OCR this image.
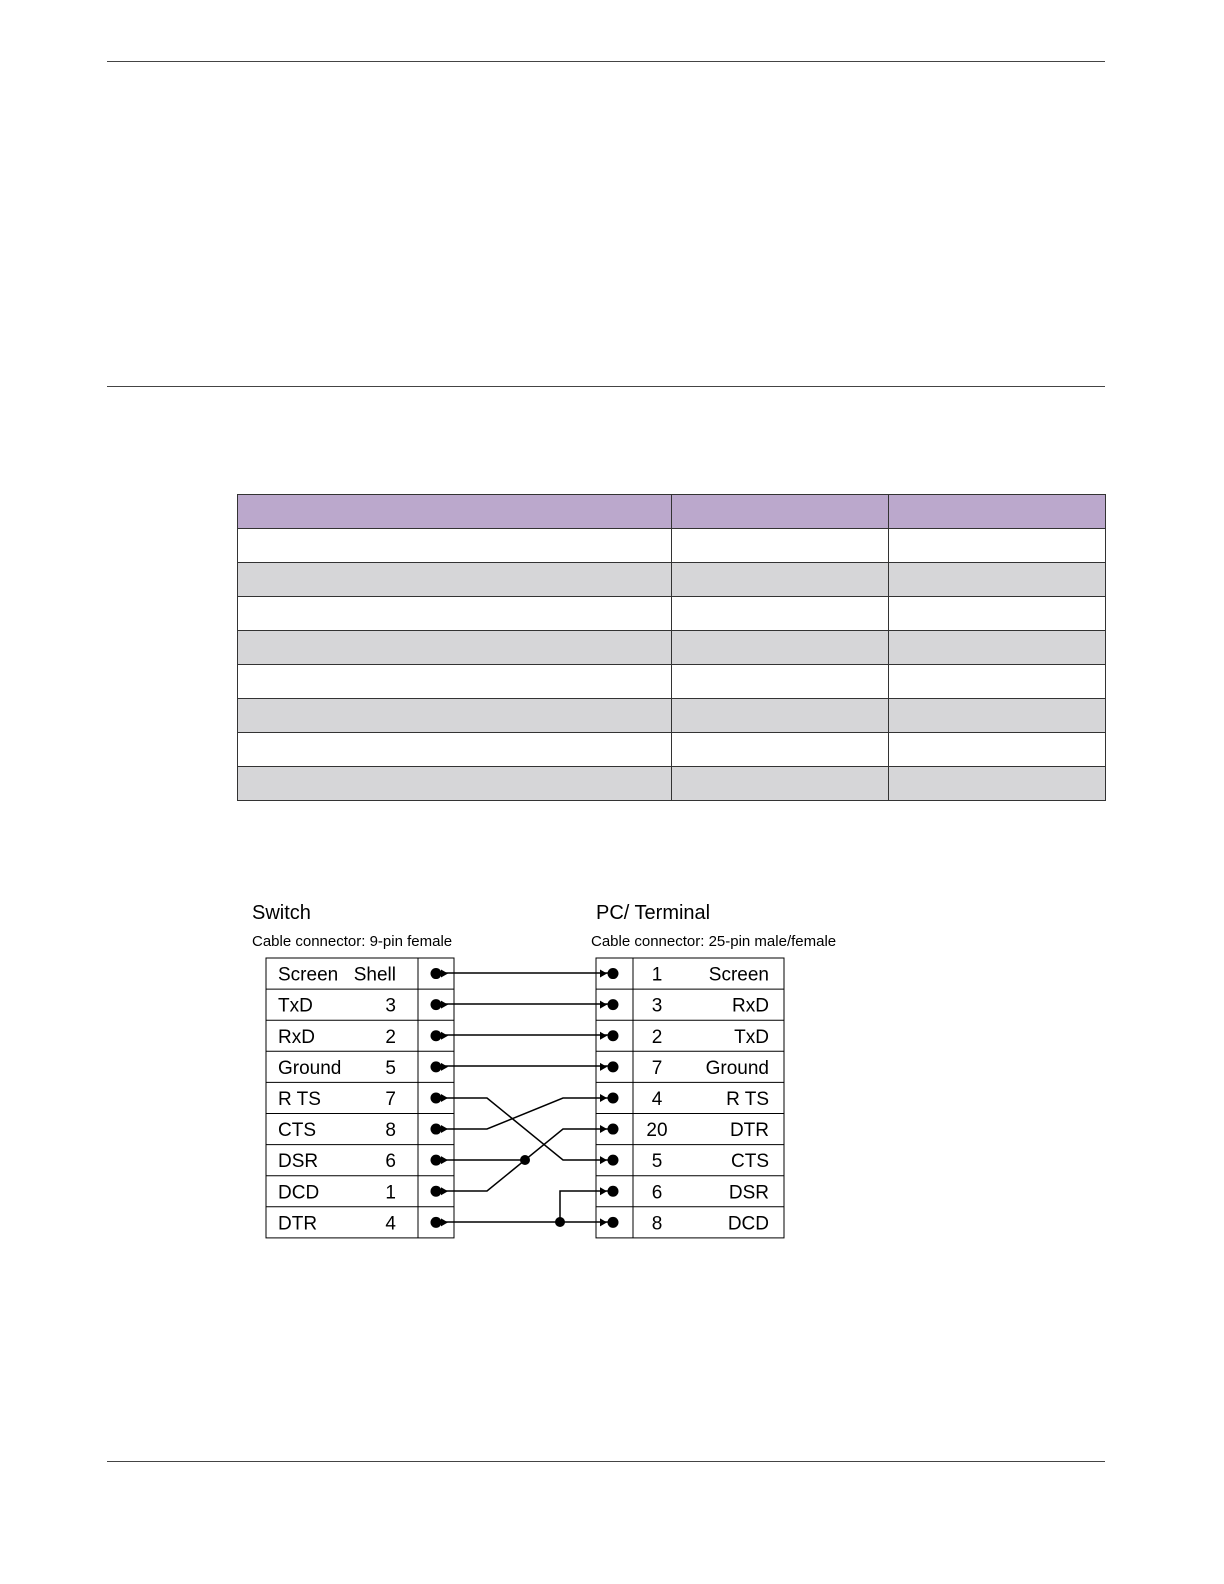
Switch
Cable connector: 9-pin female
PC/ Terminal
Cable connector: 25-pin male/female
Screen Shell
TxD	3
RxD	2
Ground 5
R TS	7
CTS	8
DSR	6
DCD	1
DTR	4
1 Screen
3	RxD
2	TxD
7 Ground
4	R TS
20	DTR
5	CTS
6	DSR
8	DCD
